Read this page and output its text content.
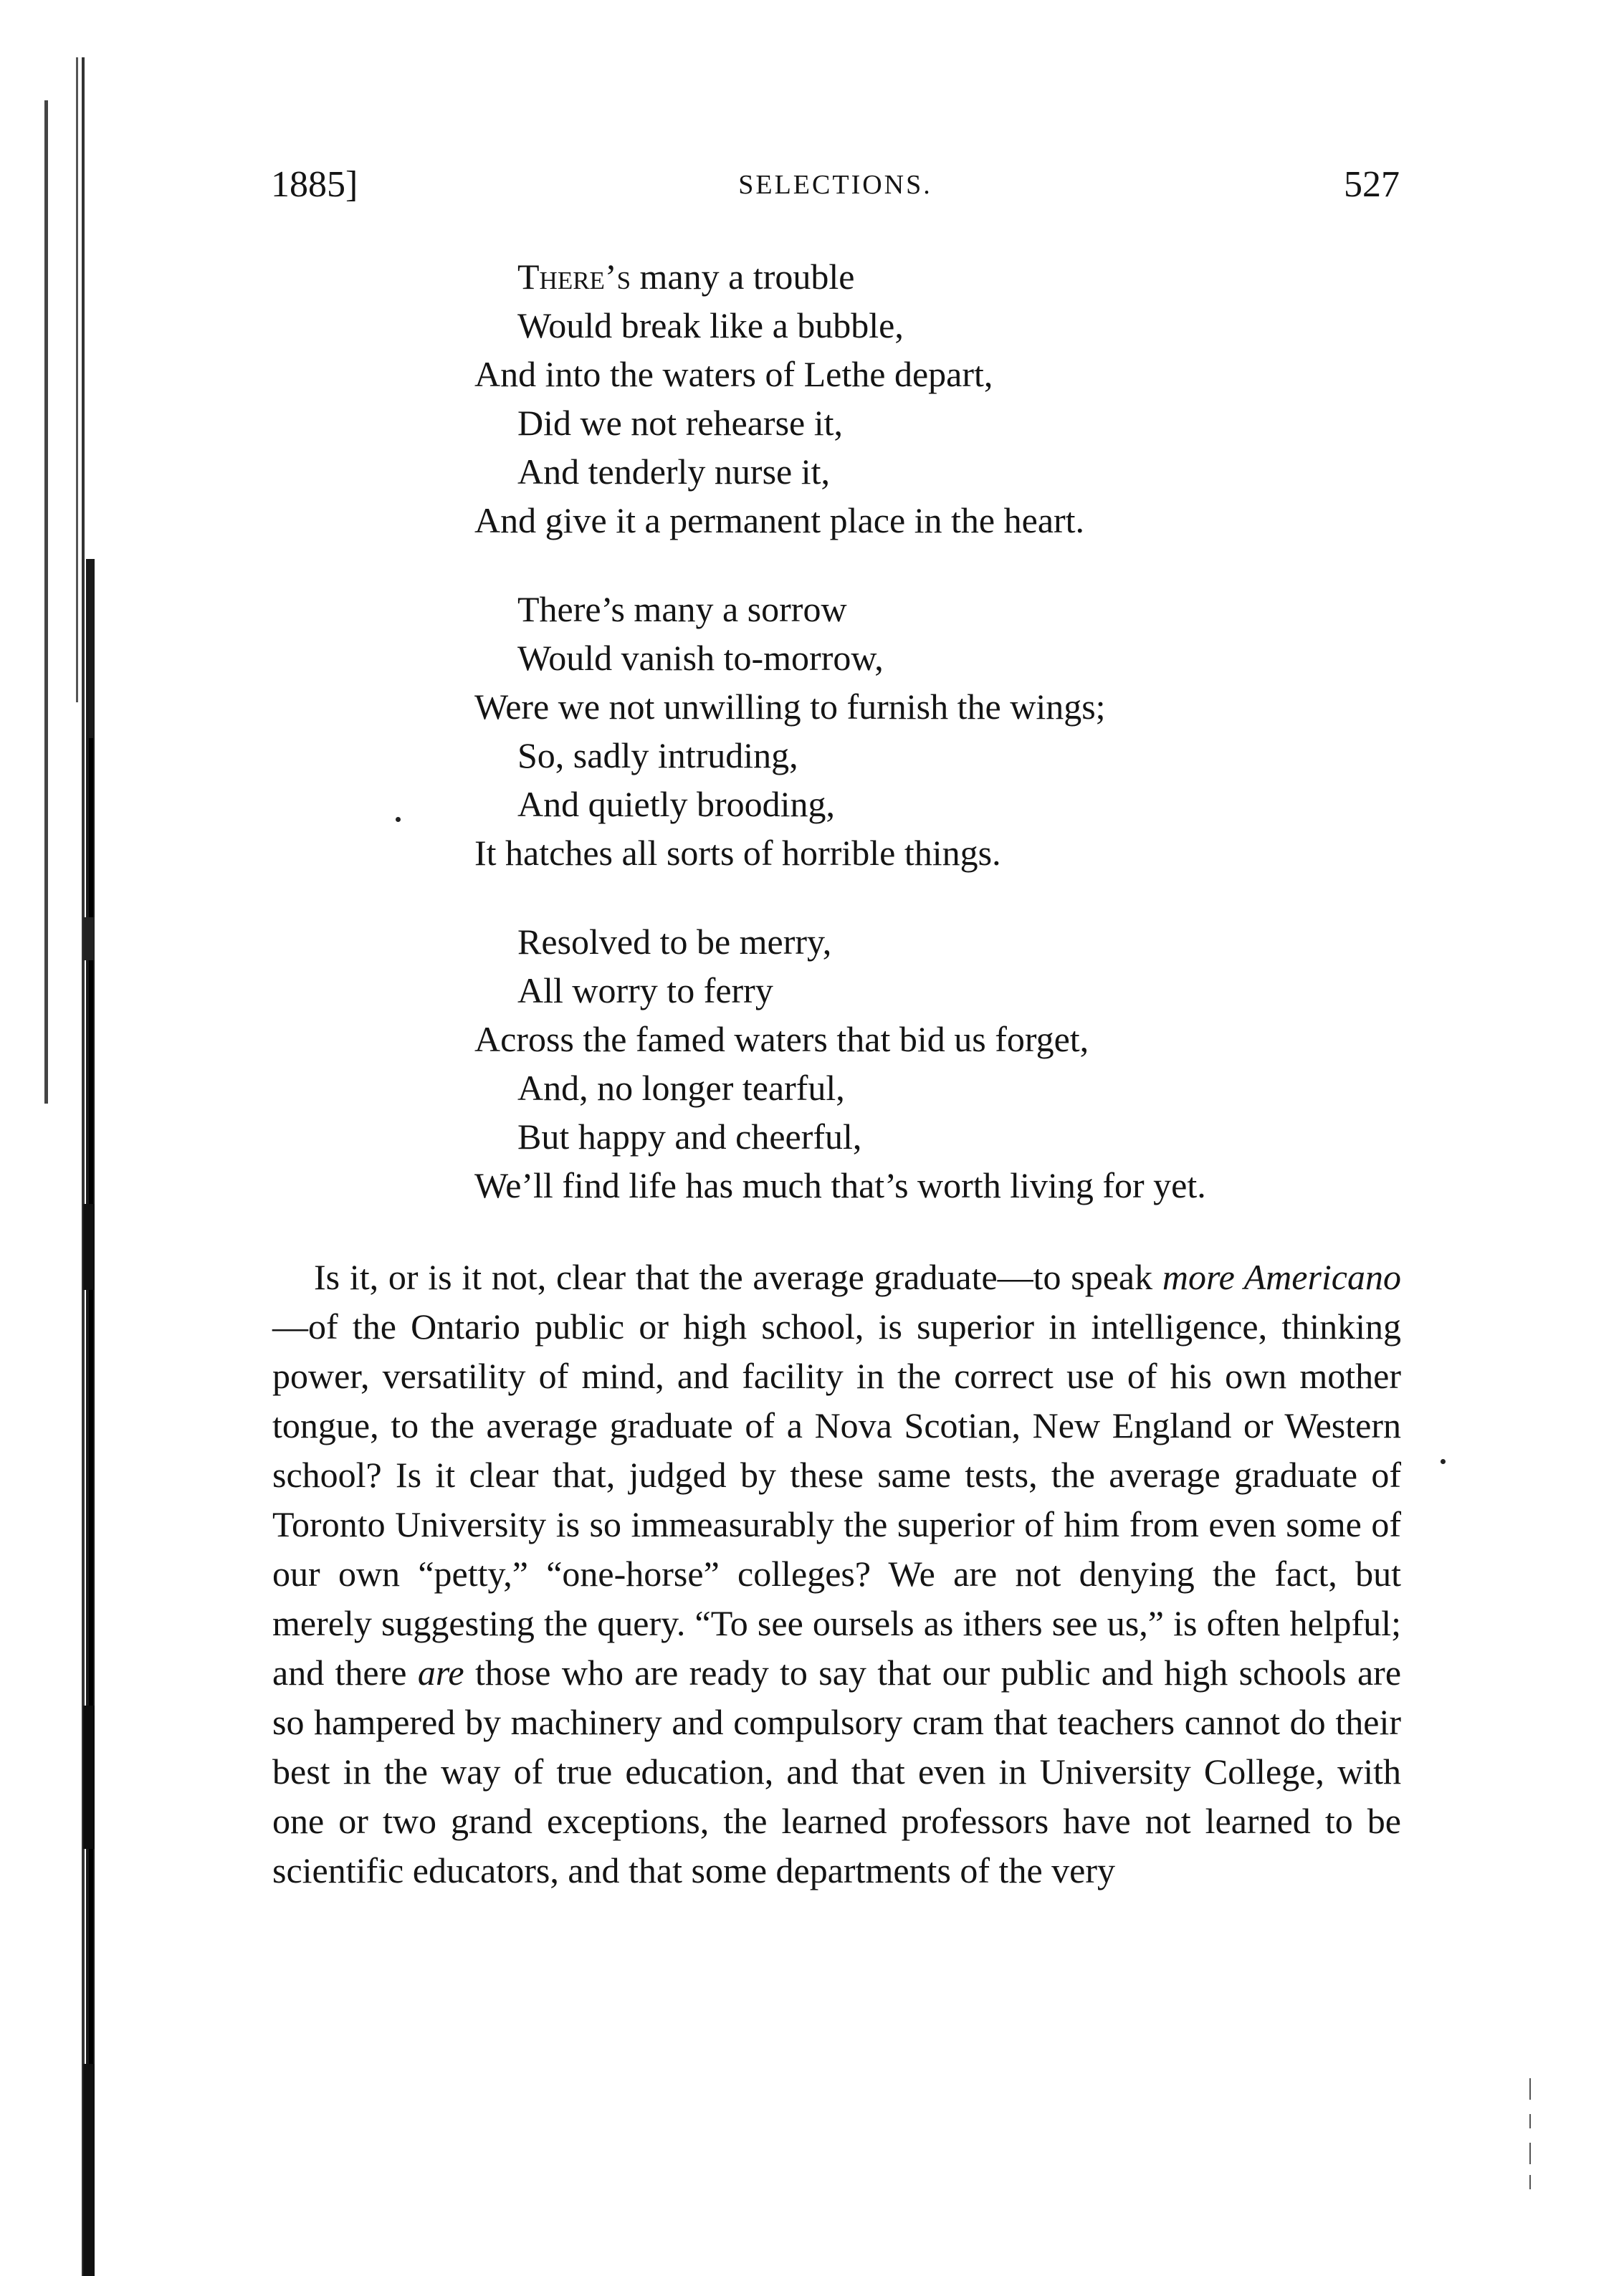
1885]	SELECTIONS.	527
There’s many a trouble
Would break like a bubble,
And into the waters of Lethe depart,
Did we not rehearse it,
And tenderly nurse it,
And give it a permanent place in the heart.
There’s many a sorrow
Would vanish to-morrow,
Were we not unwilling to furnish the wings;
So, sadly intruding,
And quietly brooding,
It hatches all sorts of horrible things.
Resolved to be merry,
All worry to ferry
Across the famed waters that bid us forget,
And, no longer tearful,
But happy and cheerful,
We’ll find life has much that’s worth living for yet.
Is it, or is it not, clear that the average graduate—to speak more Americano—of the Ontario public or high school, is superior in intelligence, thinking power, versatility of mind, and facility in the correct use of his own mother tongue, to the average graduate of a Nova Scotian, New England or Western school? Is it clear that, judged by these same tests, the average graduate of Toronto University is so immeasurably the superior of him from even some of our own “petty,” “one-horse” colleges? We are not denying the fact, but merely suggesting the query. “To see oursels as ithers see us,” is often helpful; and there are those who are ready to say that our public and high schools are so hampered by machinery and compulsory cram that teachers cannot do their best in the way of true education, and that even in University College, with one or two grand exceptions, the learned professors have not learned to be scientific educators, and that some departments of the very
